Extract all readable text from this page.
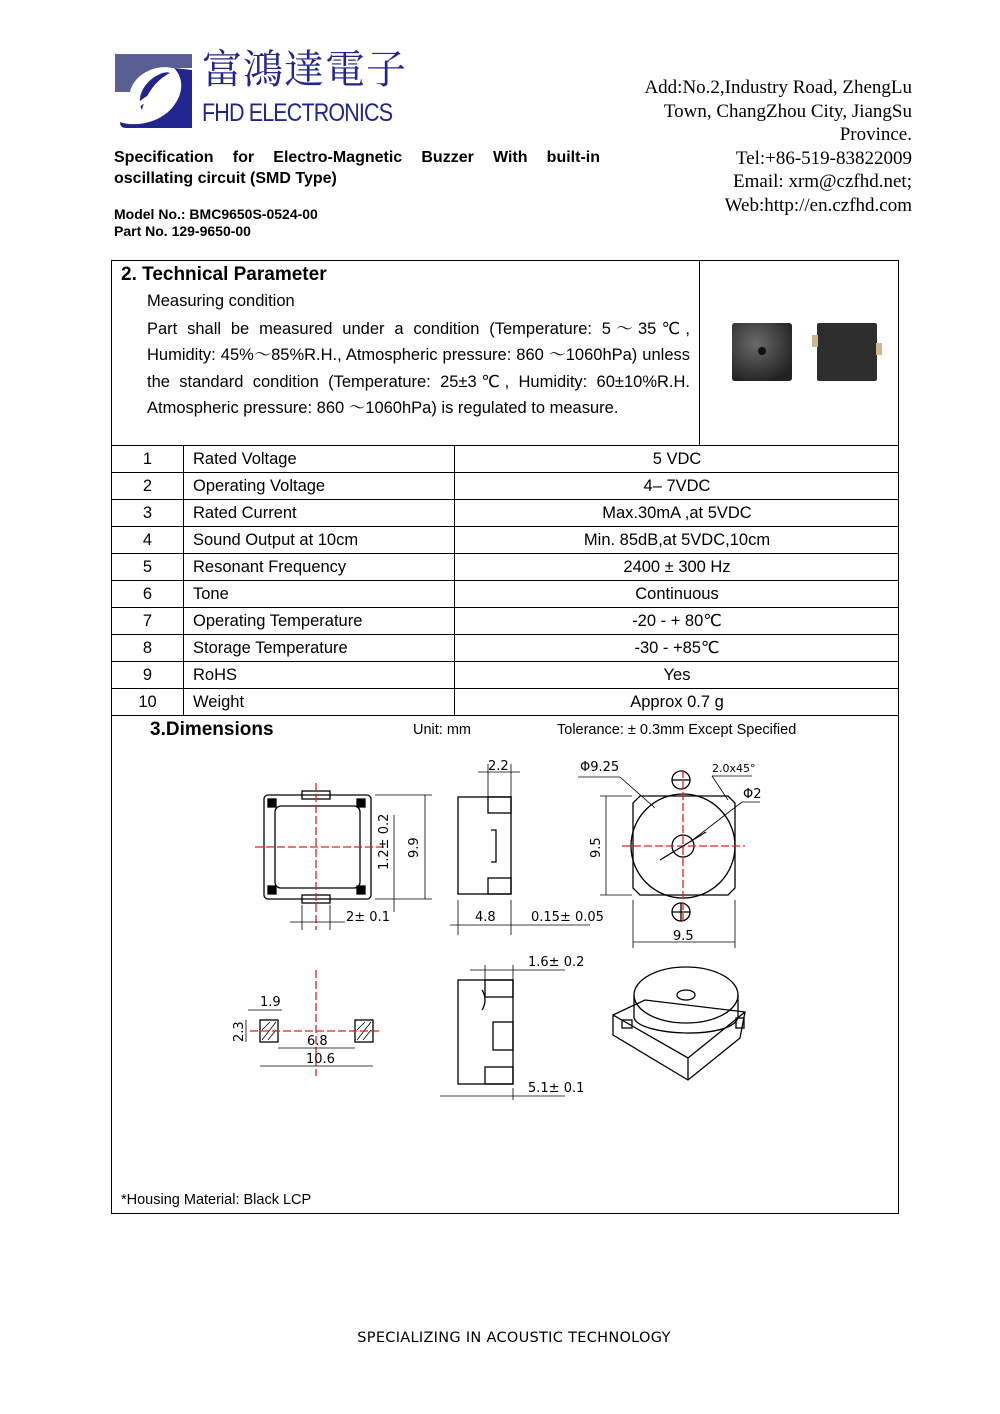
富鴻達電子
FHD ELECTRONICS
Add:No.2,Industry Road, ZhengLu
Town, ChangZhou City, JiangSu
Province.
Tel:+86-519-83822009
Email: xrm@czfhd.net;
Web:http://en.czfhd.com
Specification for Electro-Magnetic Buzzer With built-in oscillating circuit (SMD Type)
Model No.: BMC9650S-0524-00
Part No. 129-9650-00
2. Technical Parameter
Measuring condition
Part shall be measured under a condition (Temperature: 5～35℃, Humidity: 45%～85%R.H., Atmospheric pressure: 860 ～1060hPa) unless the standard condition (Temperature: 25±3℃, Humidity: 60±10%R.H. Atmospheric pressure: 860 ～1060hPa) is regulated to measure.
1	Rated Voltage	5 VDC
2	Operating Voltage	4– 7VDC
3	Rated Current	Max.30mA ,at 5VDC
4	Sound Output at 10cm	Min. 85dB,at 5VDC,10cm
5	Resonant Frequency	2400 ± 300 Hz
6	Tone	Continuous
7	Operating Temperature	-20 - + 80℃
8	Storage Temperature	-30 - +85℃
9	RoHS	Yes
10	Weight	Approx 0.7 g
3.Dimensions	Unit: mm	Tolerance: ± 0.3mm Except Specified
*Housing Material: Black LCP
2.2	Φ9.25	2.0x45°
Φ2
1.2± 0.2 9.9	9.5
2± 0.1	4.8	0.15± 0.05
9.5
1.6± 0.2
1.9
2.3	6.8
10.6
5.1± 0.1
SPECIALIZING IN ACOUSTIC TECHNOLOGY
